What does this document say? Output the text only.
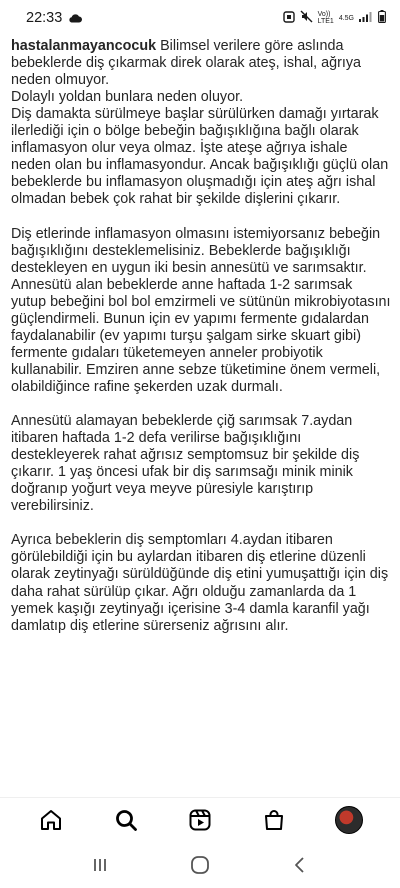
22:33	Vo))
LTE1 4.5G

hastalanmayancocuk Bilimsel verilere göre aslında bebeklerde diş çıkarmak direk olarak ateş, ishal, ağrıya neden olmuyor.
Dolaylı yoldan bunlara neden oluyor.
Diş damakta sürülmeye başlar sürülürken damağı yırtarak ilerlediği için o bölge bebeğin bağışıklığına bağlı olarak inflamasyon olur veya olmaz. İşte ateşe ağrıya ishale neden olan bu inflamasyondur. Ancak bağışıklığı güçlü olan bebeklerde bu inflamasyon oluşmadığı için ateş ağrı ishal olmadan bebek çok rahat bir şekilde dişlerini çıkarır.

Diş etlerinde inflamasyon olmasını istemiyorsanız bebeğin bağışıklığını desteklemelisiniz. Bebeklerde bağışıklığı destekleyen en uygun iki besin annesütü ve sarımsaktır.
Annesütü alan bebeklerde anne haftada 1-2 sarımsak yutup bebeğini bol bol emzirmeli ve sütünün mikrobiyotasını güçlendirmeli. Bunun için ev yapımı fermente gıdalardan faydalanabilir (ev yapımı turşu şalgam sirke skuart gibi) fermente gıdaları tüketemeyen anneler probiyotik kullanabilir. Emziren anne sebze tüketimine önem vermeli, olabildiğince rafine şekerden uzak durmalı.

Annesütü alamayan bebeklerde çiğ sarımsak 7.aydan itibaren haftada 1-2 defa verilirse bağışıklığını destekleyerek rahat ağrısız semptomsuz bir şekilde diş çıkarır. 1 yaş öncesi ufak bir diş sarımsağı minik minik doğranıp yoğurt veya meyve püresiyle karıştırıp verebilirsiniz.

Ayrıca bebeklerin diş semptomları 4.aydan itibaren görülebildiği için bu aylardan itibaren diş etlerine düzenli olarak zeytinyağı sürüldüğünde diş etini yumuşattığı için diş daha rahat sürülüp çıkar. Ağrı olduğu zamanlarda da 1 yemek kaşığı zeytinyağı içerisine 3-4 damla karanfil yağı damlatıp diş etlerine sürerseniz ağrısını alır.
